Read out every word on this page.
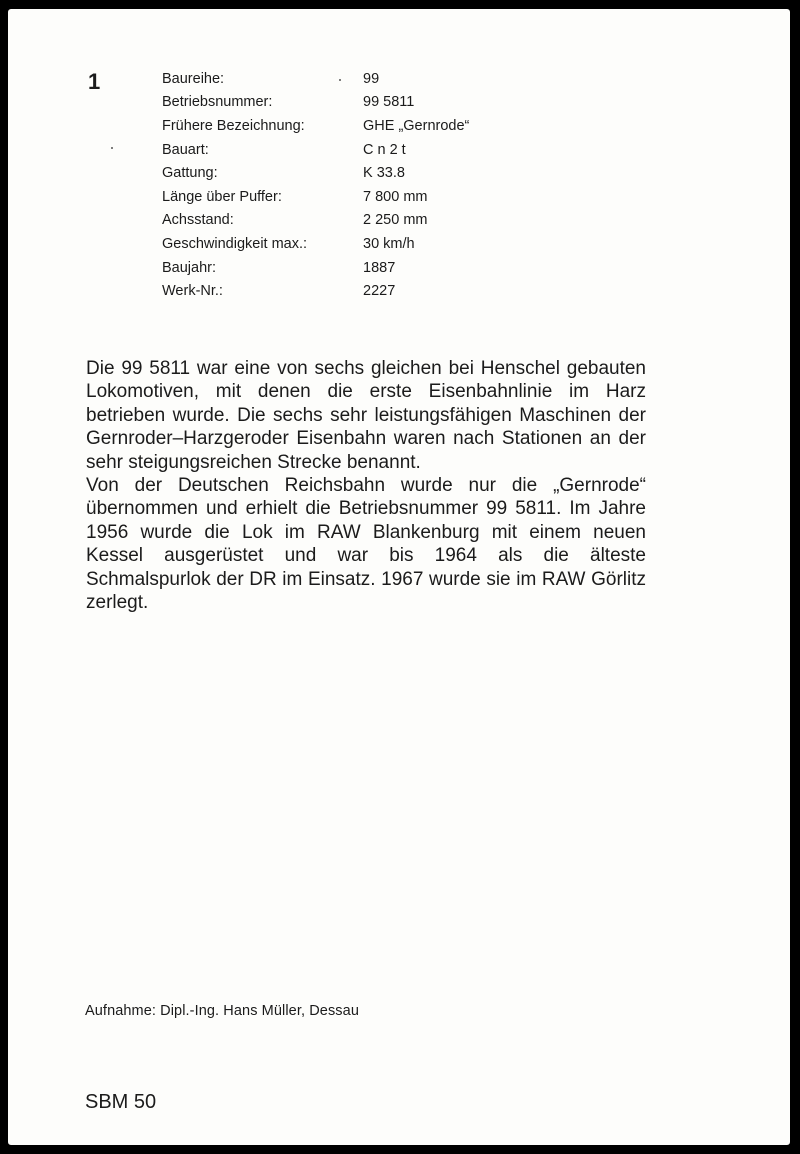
1	Baureihe:	99
Betriebsnummer:	99 5811
Frühere Bezeichnung:	GHE „Gernrode“
Bauart:	C n 2 t
Gattung:	K 33.8
Länge über Puffer:	7 800 mm
Achsstand:	2 250 mm
Geschwindigkeit max.:	30 km/h
Baujahr:	1887
Werk-Nr.:	2227

Die 99 5811 war eine von sechs gleichen bei Henschel gebauten Lokomotiven, mit denen die erste Eisenbahnlinie im Harz betrieben wurde. Die sechs sehr leistungsfähigen Maschinen der Gernroder–Harzgeroder Eisenbahn waren nach Stationen an der sehr steigungsreichen Strecke benannt.

Von der Deutschen Reichsbahn wurde nur die „Gernrode“ übernommen und erhielt die Betriebsnummer 99 5811. Im Jahre 1956 wurde die Lok im RAW Blankenburg mit einem neuen Kessel ausgerüstet und war bis 1964 als die älteste Schmalspurlok der DR im Einsatz. 1967 wurde sie im RAW Görlitz zerlegt.

Aufnahme: Dipl.-Ing. Hans Müller, Dessau
SBM 50
